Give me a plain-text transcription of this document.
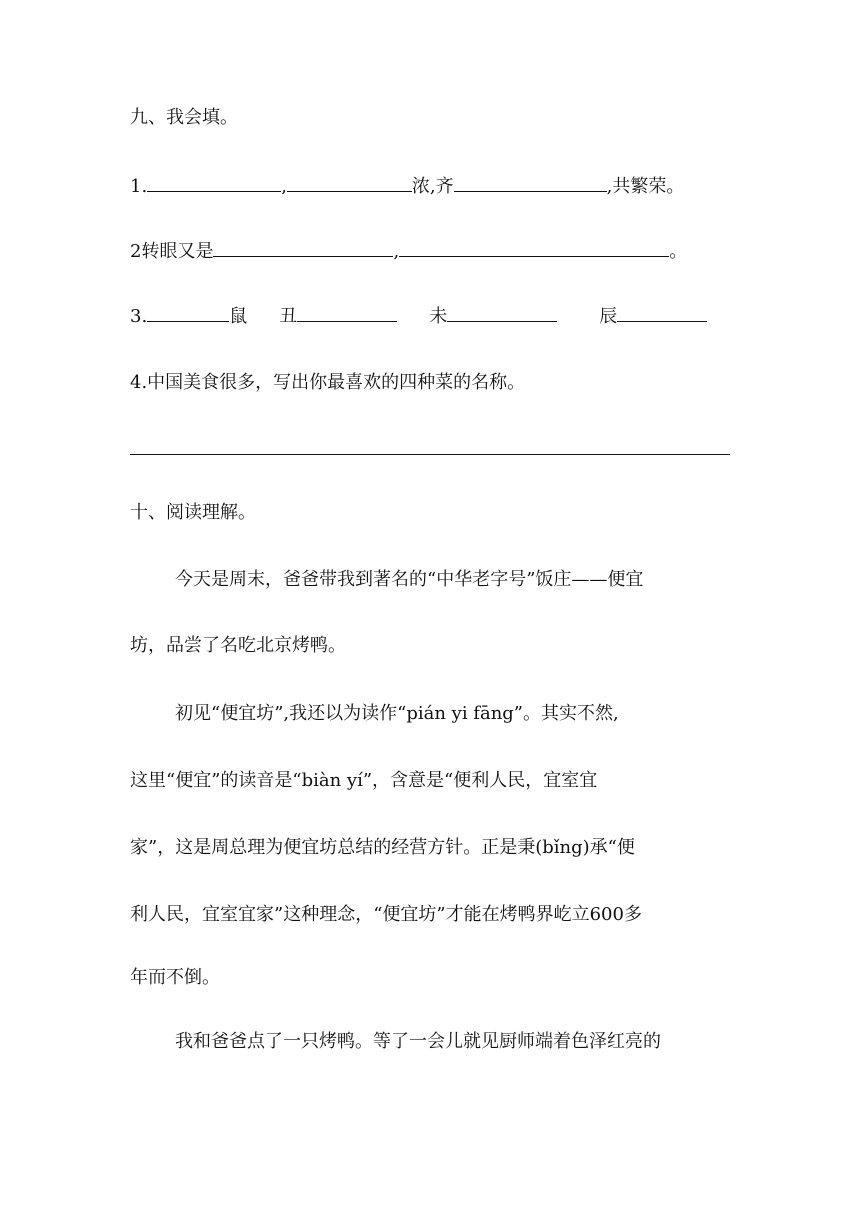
九、我会填。
1.	,	浓,齐	,共繁荣。
2转眼又是	,	。
3.	鼠 丑	未	辰
4.中国美食很多，写出你最喜欢的四种菜的名称。
十、阅读理解。
今天是周末，爸爸带我到著名的“中华老字号”饭庄——便宜
坊，品尝了名吃北京烤鸭。
初见“便宜坊”,我还以为读作“pián yi fāng”。其实不然,
这里“便宜”的读音是“biàn yí”，含意是“便利人民，宜室宜
家”，这是周总理为便宜坊总结的经营方针。正是秉(bǐng)承“便
利人民，宜室宜家”这种理念，“便宜坊”才能在烤鸭界屹立600多
年而不倒。
我和爸爸点了一只烤鸭。等了一会儿就见厨师端着色泽红亮的
